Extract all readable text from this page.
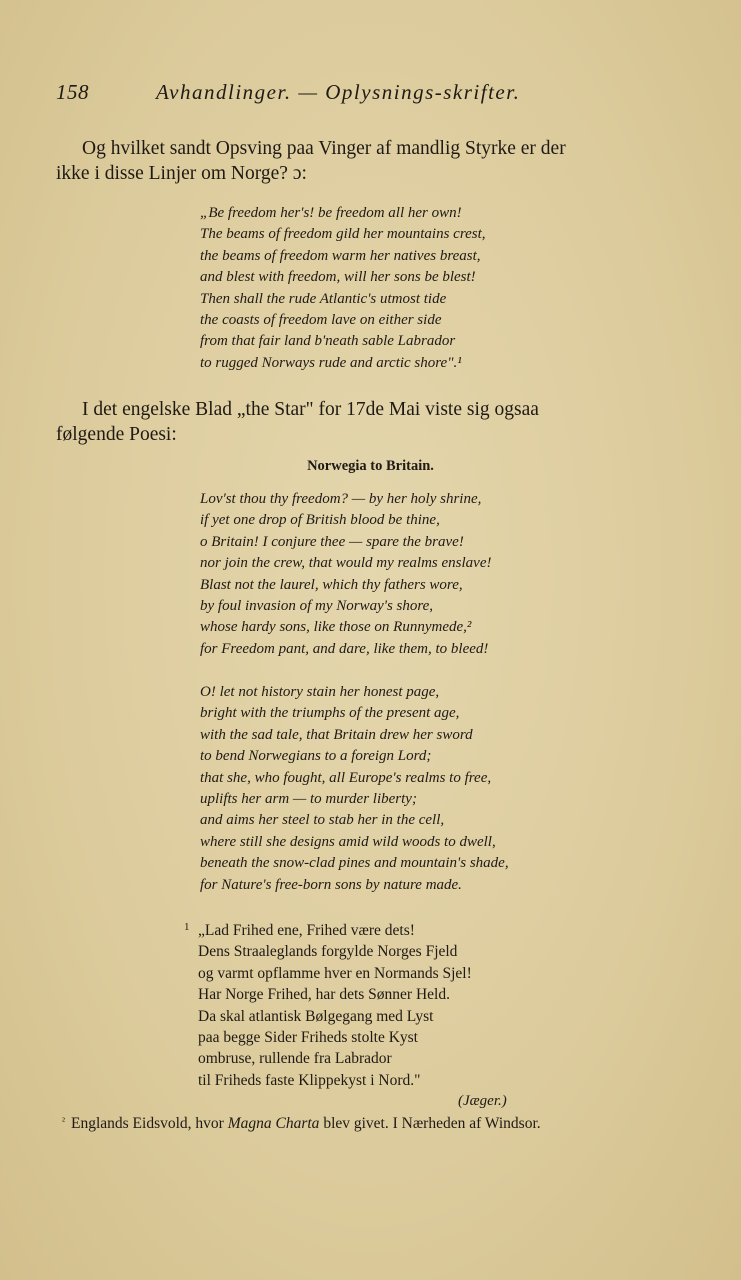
158	Avhandlinger. — Oplysnings-skrifter.
Og hvilket sandt Opsving paa Vinger af mandlig Styrke er der
ikke i disse Linjer om Norge? ɔ:
„Be freedom her's! be freedom all her own!
The beams of freedom gild her mountains crest,
the beams of freedom warm her natives breast,
and blest with freedom, will her sons be blest!
Then shall the rude Atlantic's utmost tide
the coasts of freedom lave on either side
from that fair land b'neath sable Labrador
to rugged Norways rude and arctic shore".¹
I det engelske Blad „the Star" for 17de Mai viste sig ogsaa
følgende Poesi:
Norwegia to Britain.
Lov'st thou thy freedom? — by her holy shrine,
if yet one drop of British blood be thine,
o Britain! I conjure thee — spare the brave!
nor join the crew, that would my realms enslave!
Blast not the laurel, which thy fathers wore,
by foul invasion of my Norway's shore,
whose hardy sons, like those on Runnymede,²
for Freedom pant, and dare, like them, to bleed!
O! let not history stain her honest page,
bright with the triumphs of the present age,
with the sad tale, that Britain drew her sword
to bend Norwegians to a foreign Lord;
that she, who fought, all Europe's realms to free,
uplifts her arm — to murder liberty;
and aims her steel to stab her in the cell,
where still she designs amid wild woods to dwell,
beneath the snow-clad pines and mountain's shade,
for Nature's free-born sons by nature made.
1 „Lad Frihed ene, Frihed være dets!
Dens Straaleglands forgylde Norges Fjeld
og varmt opflamme hver en Normands Sjel!
Har Norge Frihed, har dets Sønner Held.
Da skal atlantisk Bølgegang med Lyst
paa begge Sider Friheds stolte Kyst
ombruse, rullende fra Labrador
til Friheds faste Klippekyst i Nord."
(Jæger.)
$^{^2}$ Englands Eidsvold, hvor Magna Charta blev givet. I Nærheden af Windsor.
